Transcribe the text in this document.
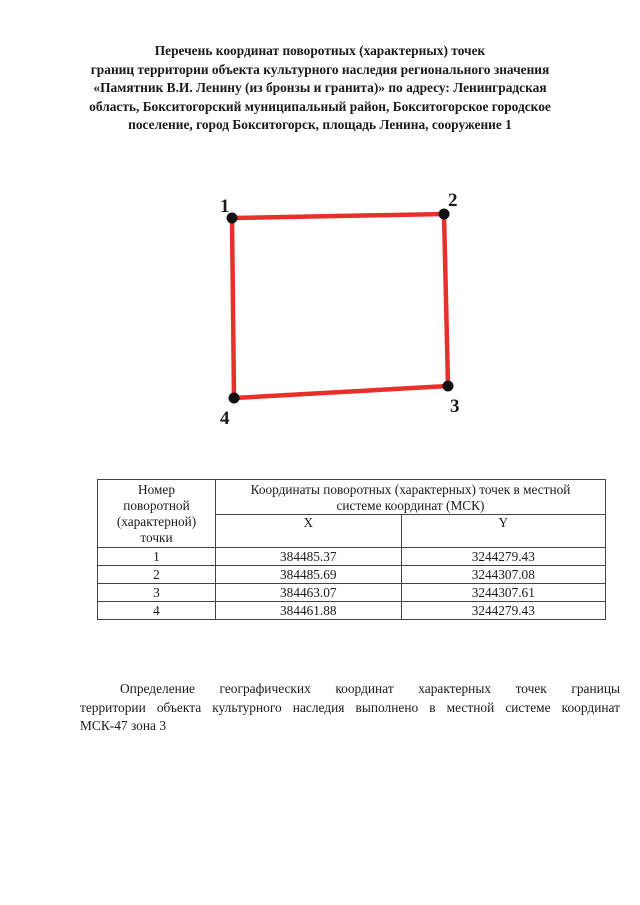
Перечень координат поворотных (характерных) точек
границ территории объекта культурного наследия регионального значения
«Памятник В.И. Ленину (из бронзы и гранита)» по адресу: Ленинградская
область, Бокситогорский муниципальный район, Бокситогорское городское
поселение, город Бокситогорск, площадь Ленина, сооружение 1
1	2
3
4
Номер
поворотной
(характерной)
точки	Координаты поворотных (характерных) точек в местной
системе координат (МСК)	
	X	Y
1	384485.37	3244279.43
2	384485.69	3244307.08
3	384463.07	3244307.61
4	384461.88	3244279.43
Определение географических координат характерных точек границы
территории объекта культурного наследия выполнено в местной системе координат
МСК-47 зона 3
